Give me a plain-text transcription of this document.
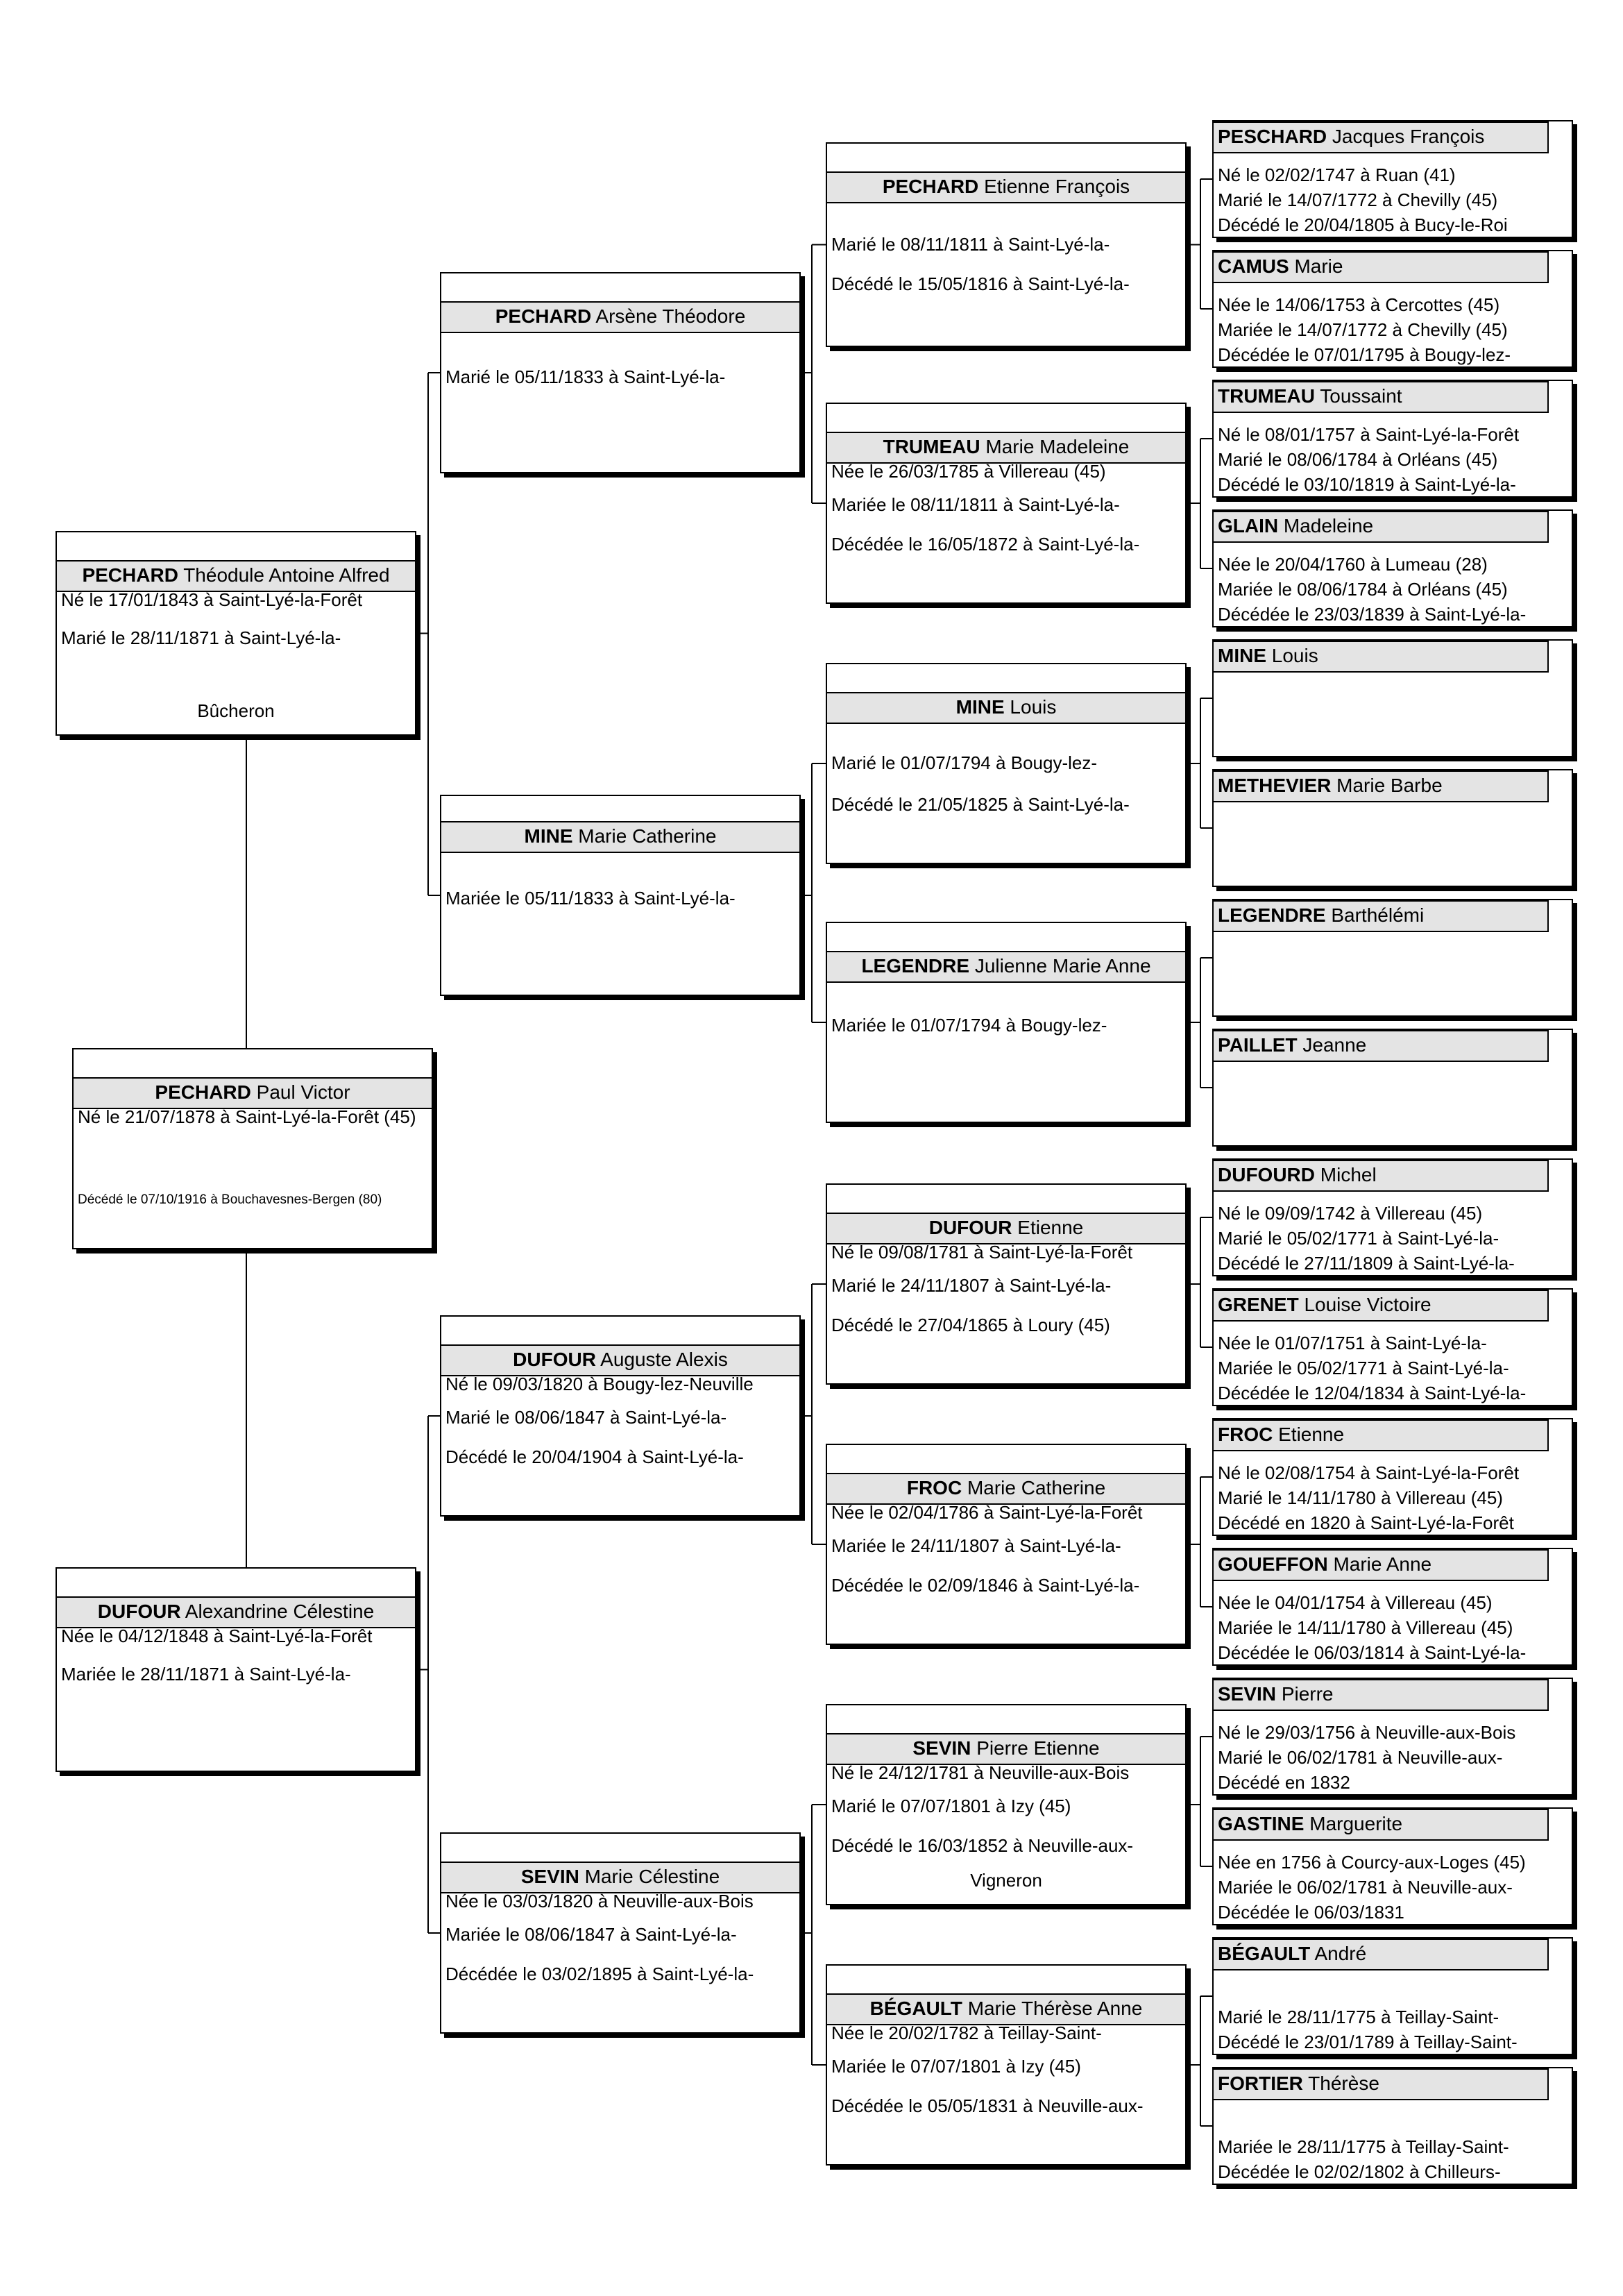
PECHARD Paul Victor
Né le 21/07/1878 à Saint-Lyé-la-Forêt (45)
Décédé le 07/10/1916 à Bouchavesnes-Bergen (80)
PECHARD Théodule Antoine Alfred
Né le 17/01/1843 à Saint-Lyé-la-Forêt
Marié le 28/11/1871 à Saint-Lyé-la-
Bûcheron
DUFOUR Alexandrine Célestine
Née le 04/12/1848 à Saint-Lyé-la-Forêt
Mariée le 28/11/1871 à Saint-Lyé-la-
PECHARD Arsène Théodore
Marié le 05/11/1833 à Saint-Lyé-la-
MINE Marie Catherine
Mariée le 05/11/1833 à Saint-Lyé-la-
DUFOUR Auguste Alexis
Né le 09/03/1820 à Bougy-lez-Neuville
Marié le 08/06/1847 à Saint-Lyé-la-
Décédé le 20/04/1904 à Saint-Lyé-la-
SEVIN Marie Célestine
Née le 03/03/1820 à Neuville-aux-Bois
Mariée le 08/06/1847 à Saint-Lyé-la-
Décédée le 03/02/1895 à Saint-Lyé-la-
PECHARD Etienne François
Marié le 08/11/1811 à Saint-Lyé-la-
Décédé le 15/05/1816 à Saint-Lyé-la-
TRUMEAU Marie Madeleine
Née le 26/03/1785 à Villereau (45)
Mariée le 08/11/1811 à Saint-Lyé-la-
Décédée le 16/05/1872 à Saint-Lyé-la-
MINE Louis
Marié le 01/07/1794 à Bougy-lez-
Décédé le 21/05/1825 à Saint-Lyé-la-
LEGENDRE Julienne Marie Anne
Mariée le 01/07/1794 à Bougy-lez-
DUFOUR Etienne
Né le 09/08/1781 à Saint-Lyé-la-Forêt
Marié le 24/11/1807 à Saint-Lyé-la-
Décédé le 27/04/1865 à Loury (45)
FROC Marie Catherine
Née le 02/04/1786 à Saint-Lyé-la-Forêt
Mariée le 24/11/1807 à Saint-Lyé-la-
Décédée le 02/09/1846 à Saint-Lyé-la-
SEVIN Pierre Etienne
Né le 24/12/1781 à Neuville-aux-Bois
Marié le 07/07/1801 à Izy (45)
Décédé le 16/03/1852 à Neuville-aux-
Vigneron
BÉGAULT Marie Thérèse Anne
Née le 20/02/1782 à Teillay-Saint-
Mariée le 07/07/1801 à Izy (45)
Décédée le 05/05/1831 à Neuville-aux-
PESCHARD Jacques François
Né le 02/02/1747 à Ruan (41)
Marié le 14/07/1772 à Chevilly (45)
Décédé le 20/04/1805 à Bucy-le-Roi
CAMUS Marie
Née le 14/06/1753 à Cercottes (45)
Mariée le 14/07/1772 à Chevilly (45)
Décédée le 07/01/1795 à Bougy-lez-
TRUMEAU Toussaint
Né le 08/01/1757 à Saint-Lyé-la-Forêt
Marié le 08/06/1784 à Orléans (45)
Décédé le 03/10/1819 à Saint-Lyé-la-
GLAIN Madeleine
Née le 20/04/1760 à Lumeau (28)
Mariée le 08/06/1784 à Orléans (45)
Décédée le 23/03/1839 à Saint-Lyé-la-
MINE Louis
METHEVIER Marie Barbe
LEGENDRE Barthélémi
PAILLET Jeanne
DUFOURD Michel
Né le 09/09/1742 à Villereau (45)
Marié le 05/02/1771 à Saint-Lyé-la-
Décédé le 27/11/1809 à Saint-Lyé-la-
GRENET Louise Victoire
Née le 01/07/1751 à Saint-Lyé-la-
Mariée le 05/02/1771 à Saint-Lyé-la-
Décédée le 12/04/1834 à Saint-Lyé-la-
FROC Etienne
Né le 02/08/1754 à Saint-Lyé-la-Forêt
Marié le 14/11/1780 à Villereau (45)
Décédé en 1820 à Saint-Lyé-la-Forêt
GOUEFFON Marie Anne
Née le 04/01/1754 à Villereau (45)
Mariée le 14/11/1780 à Villereau (45)
Décédée le 06/03/1814 à Saint-Lyé-la-
SEVIN Pierre
Né le 29/03/1756 à Neuville-aux-Bois
Marié le 06/02/1781 à Neuville-aux-
Décédé en 1832
GASTINE Marguerite
Née en 1756 à Courcy-aux-Loges (45)
Mariée le 06/02/1781 à Neuville-aux-
Décédée le 06/03/1831
BÉGAULT André
Marié le 28/11/1775 à Teillay-Saint-
Décédé le 23/01/1789 à Teillay-Saint-
FORTIER Thérèse
Mariée le 28/11/1775 à Teillay-Saint-
Décédée le 02/02/1802 à Chilleurs-
